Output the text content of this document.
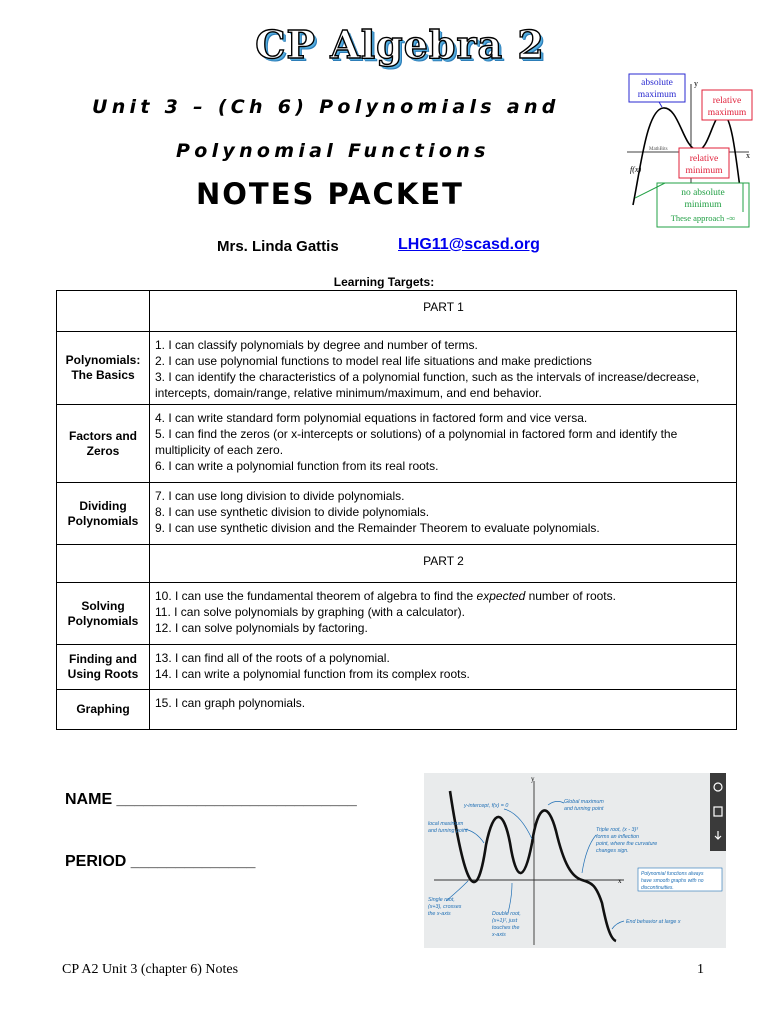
CP Algebra 2
Unit 3 – (Ch 6) Polynomials and
Polynomial Functions
NOTES PACKET
Mrs. Linda Gattis	LHG11@scasd.org
y
x
f(x)
MathBits
absolute
maximum
relative
maximum
relative
minimum
no absolute
minimum
These approach -∞
Learning Targets:
	PART 1
Polynomials: The Basics	1. I can classify polynomials by degree and number of terms.
2. I can use polynomial functions to model real life situations and make predictions
3. I can identify the characteristics of a polynomial function, such as the intervals of increase/decrease, intercepts, domain/range, relative minimum/maximum, and end behavior.

Factors and Zeros	4. I can write standard form polynomial equations in factored form and vice versa.
5. I can find the zeros (or x-intercepts or solutions) of a polynomial in factored form and identify the multiplicity of each zero.
6. I can write a polynomial function from its real roots.

Dividing Polynomials	7. I can use long division to divide polynomials.
8. I can use synthetic division to divide polynomials.
9. I can use synthetic division and the Remainder Theorem to evaluate polynomials.

	PART 2
Solving Polynomials	10. I can use the fundamental theorem of algebra to find the expected number of roots.
11. I can solve polynomials by graphing (with a calculator).
12. I can solve polynomials by factoring.

Finding and Using Roots	13. I can find all of the roots of a polynomial.
14. I can write a polynomial function from its complex roots.

Graphing	15. I can graph polynomials.
NAME ___________________________
PERIOD ______________
y
x
y-intercept, f(x) = 0
Global maximum
and turning point
local maximum
and turning point	Triple root, (x - 3)³
forms an inflection
point, where the curvature
changes sign.
Single root,
(x+3), crosses
the x-axis	Double root,
(x+1)², just
touches the
x-axis
End behavior at large x
Polynomial functions always
have smooth graphs with no
discontinuities.
CP A2 Unit 3 (chapter 6) Notes	1
